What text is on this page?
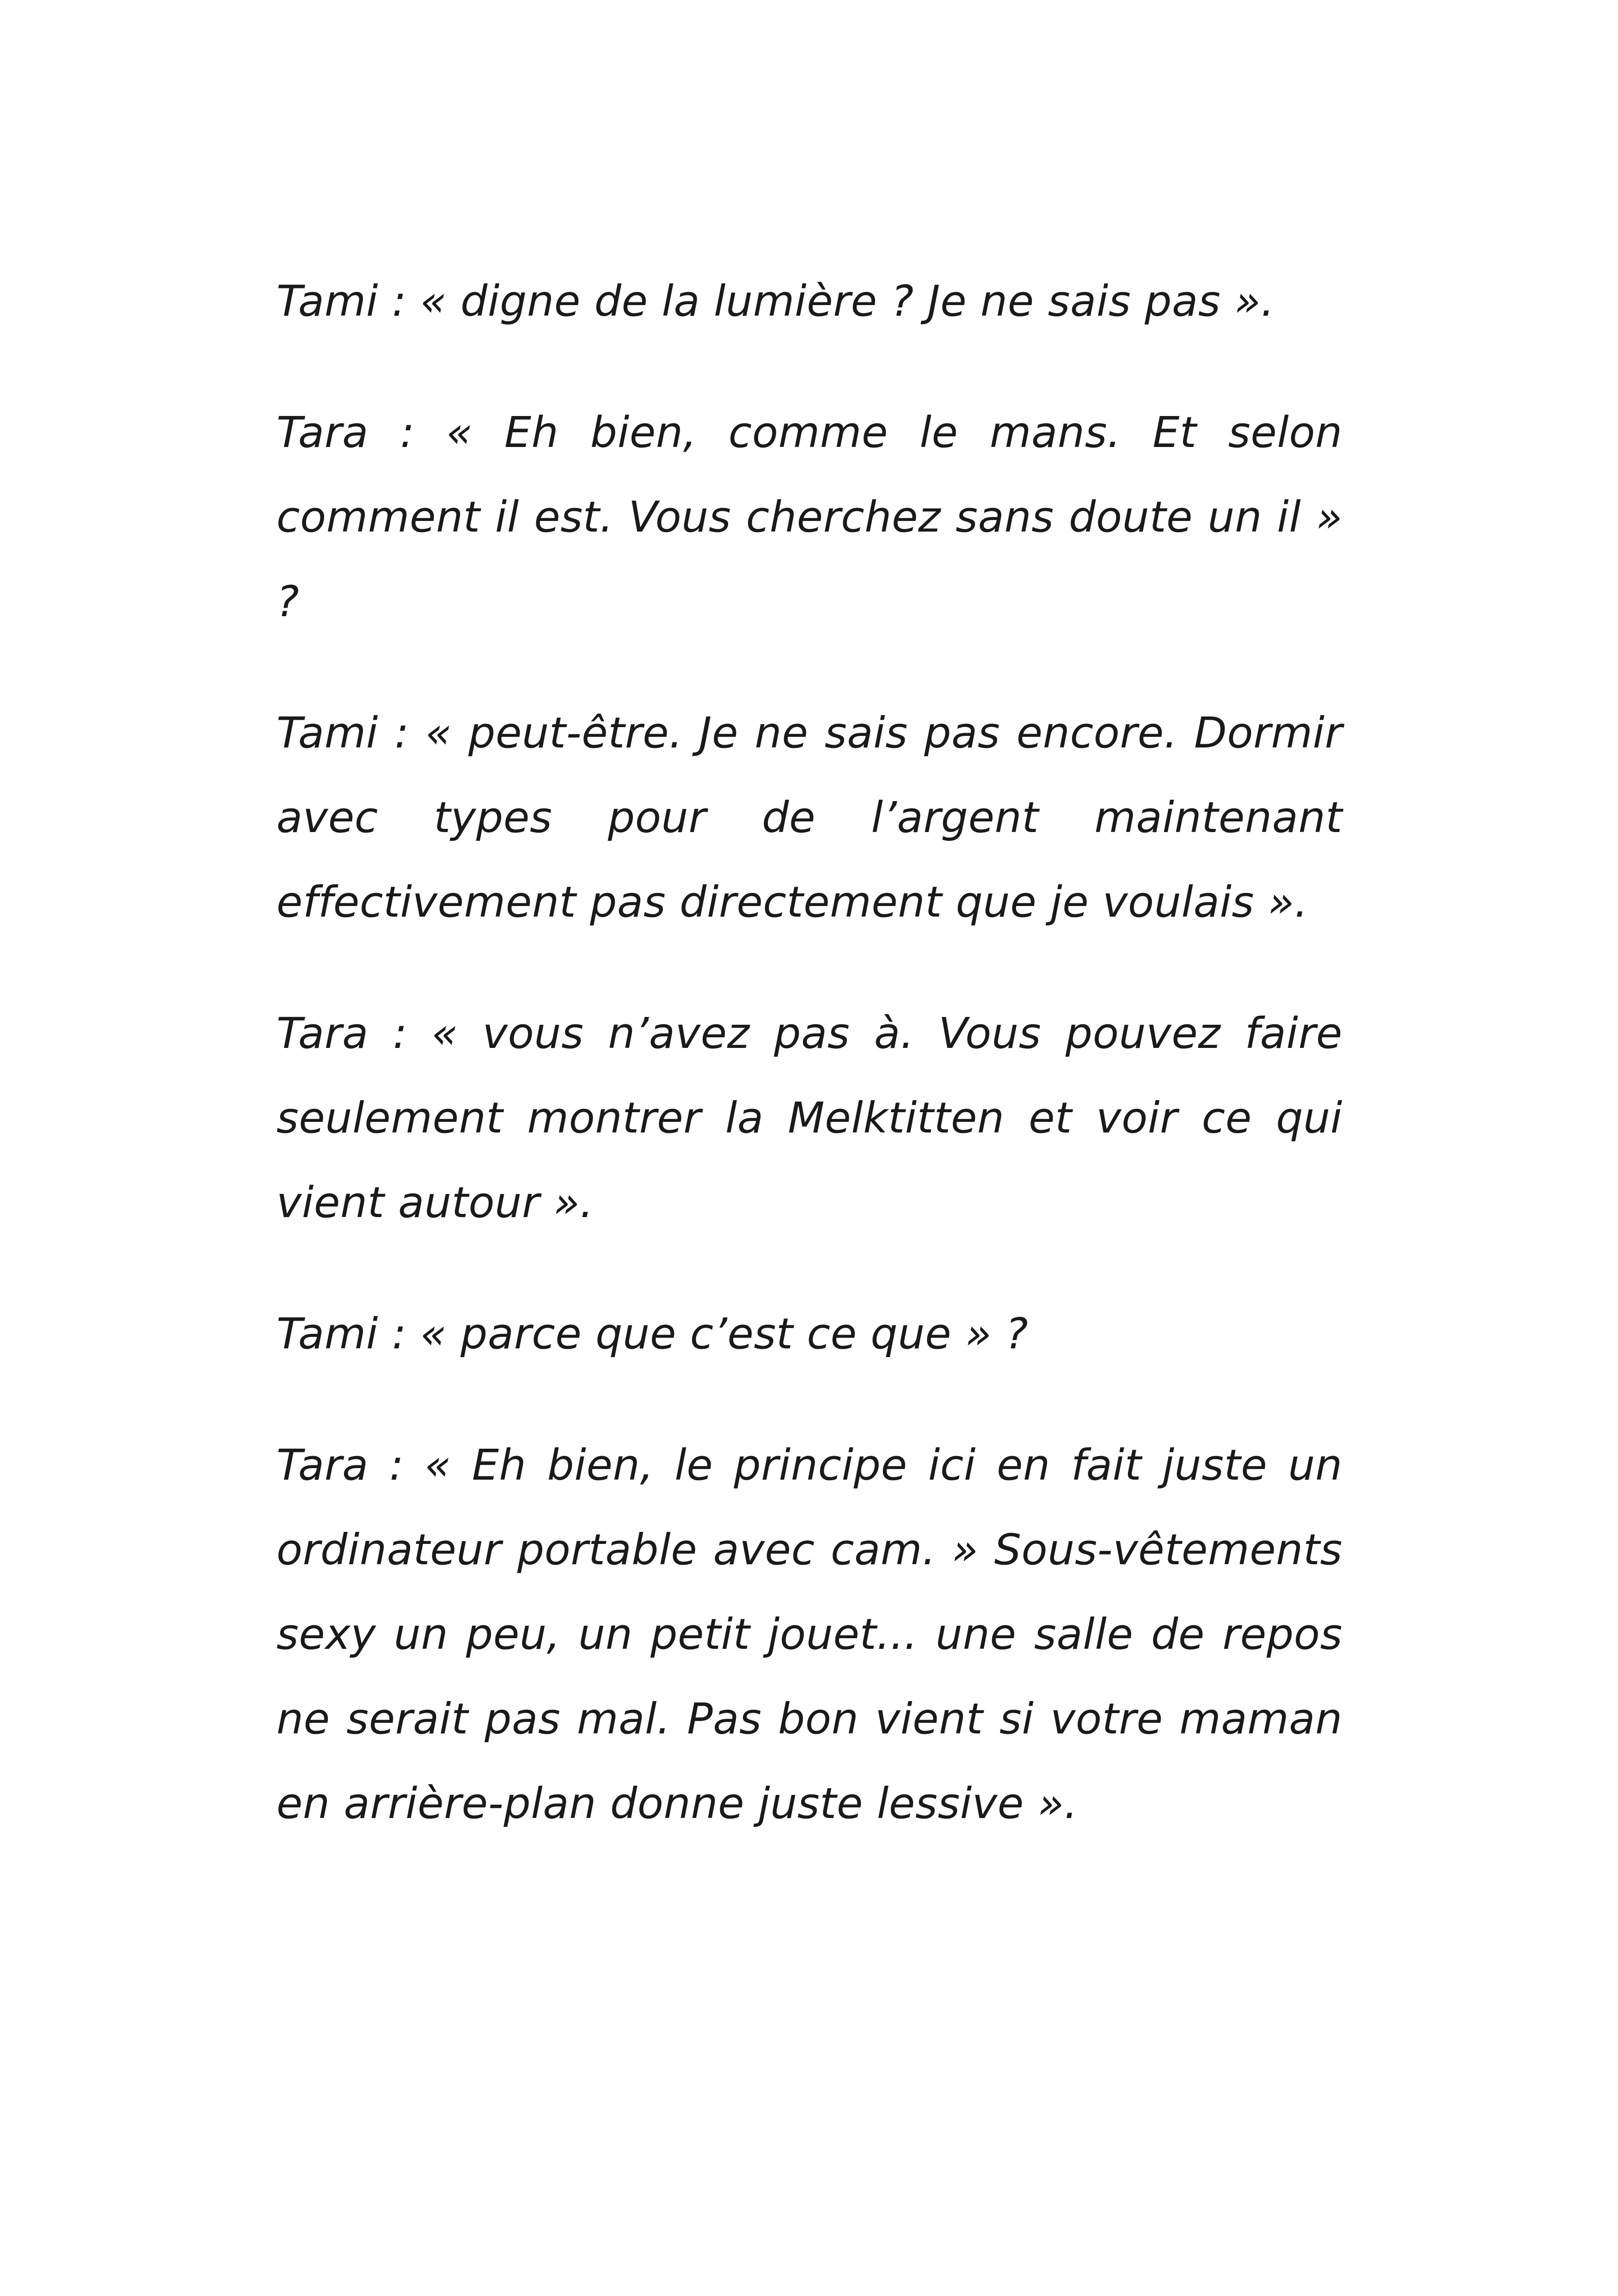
Tami : « digne de la lumière ? Je ne sais pas ».

Tara : « Eh bien, comme le mans. Et selon comment il est. Vous cherchez sans doute un il » ?

Tami : « peut-être. Je ne sais pas encore. Dormir avec types pour de l’argent maintenant effectivement pas directement que je voulais ».

Tara : « vous n’avez pas à. Vous pouvez faire seulement montrer la Melktitten et voir ce qui vient autour ».

Tami : « parce que c’est ce que » ?

Tara : « Eh bien, le principe ici en fait juste un ordinateur portable avec cam. » Sous-vêtements sexy un peu, un petit jouet... une salle de repos ne serait pas mal. Pas bon vient si votre maman en arrière-plan donne juste lessive ».
